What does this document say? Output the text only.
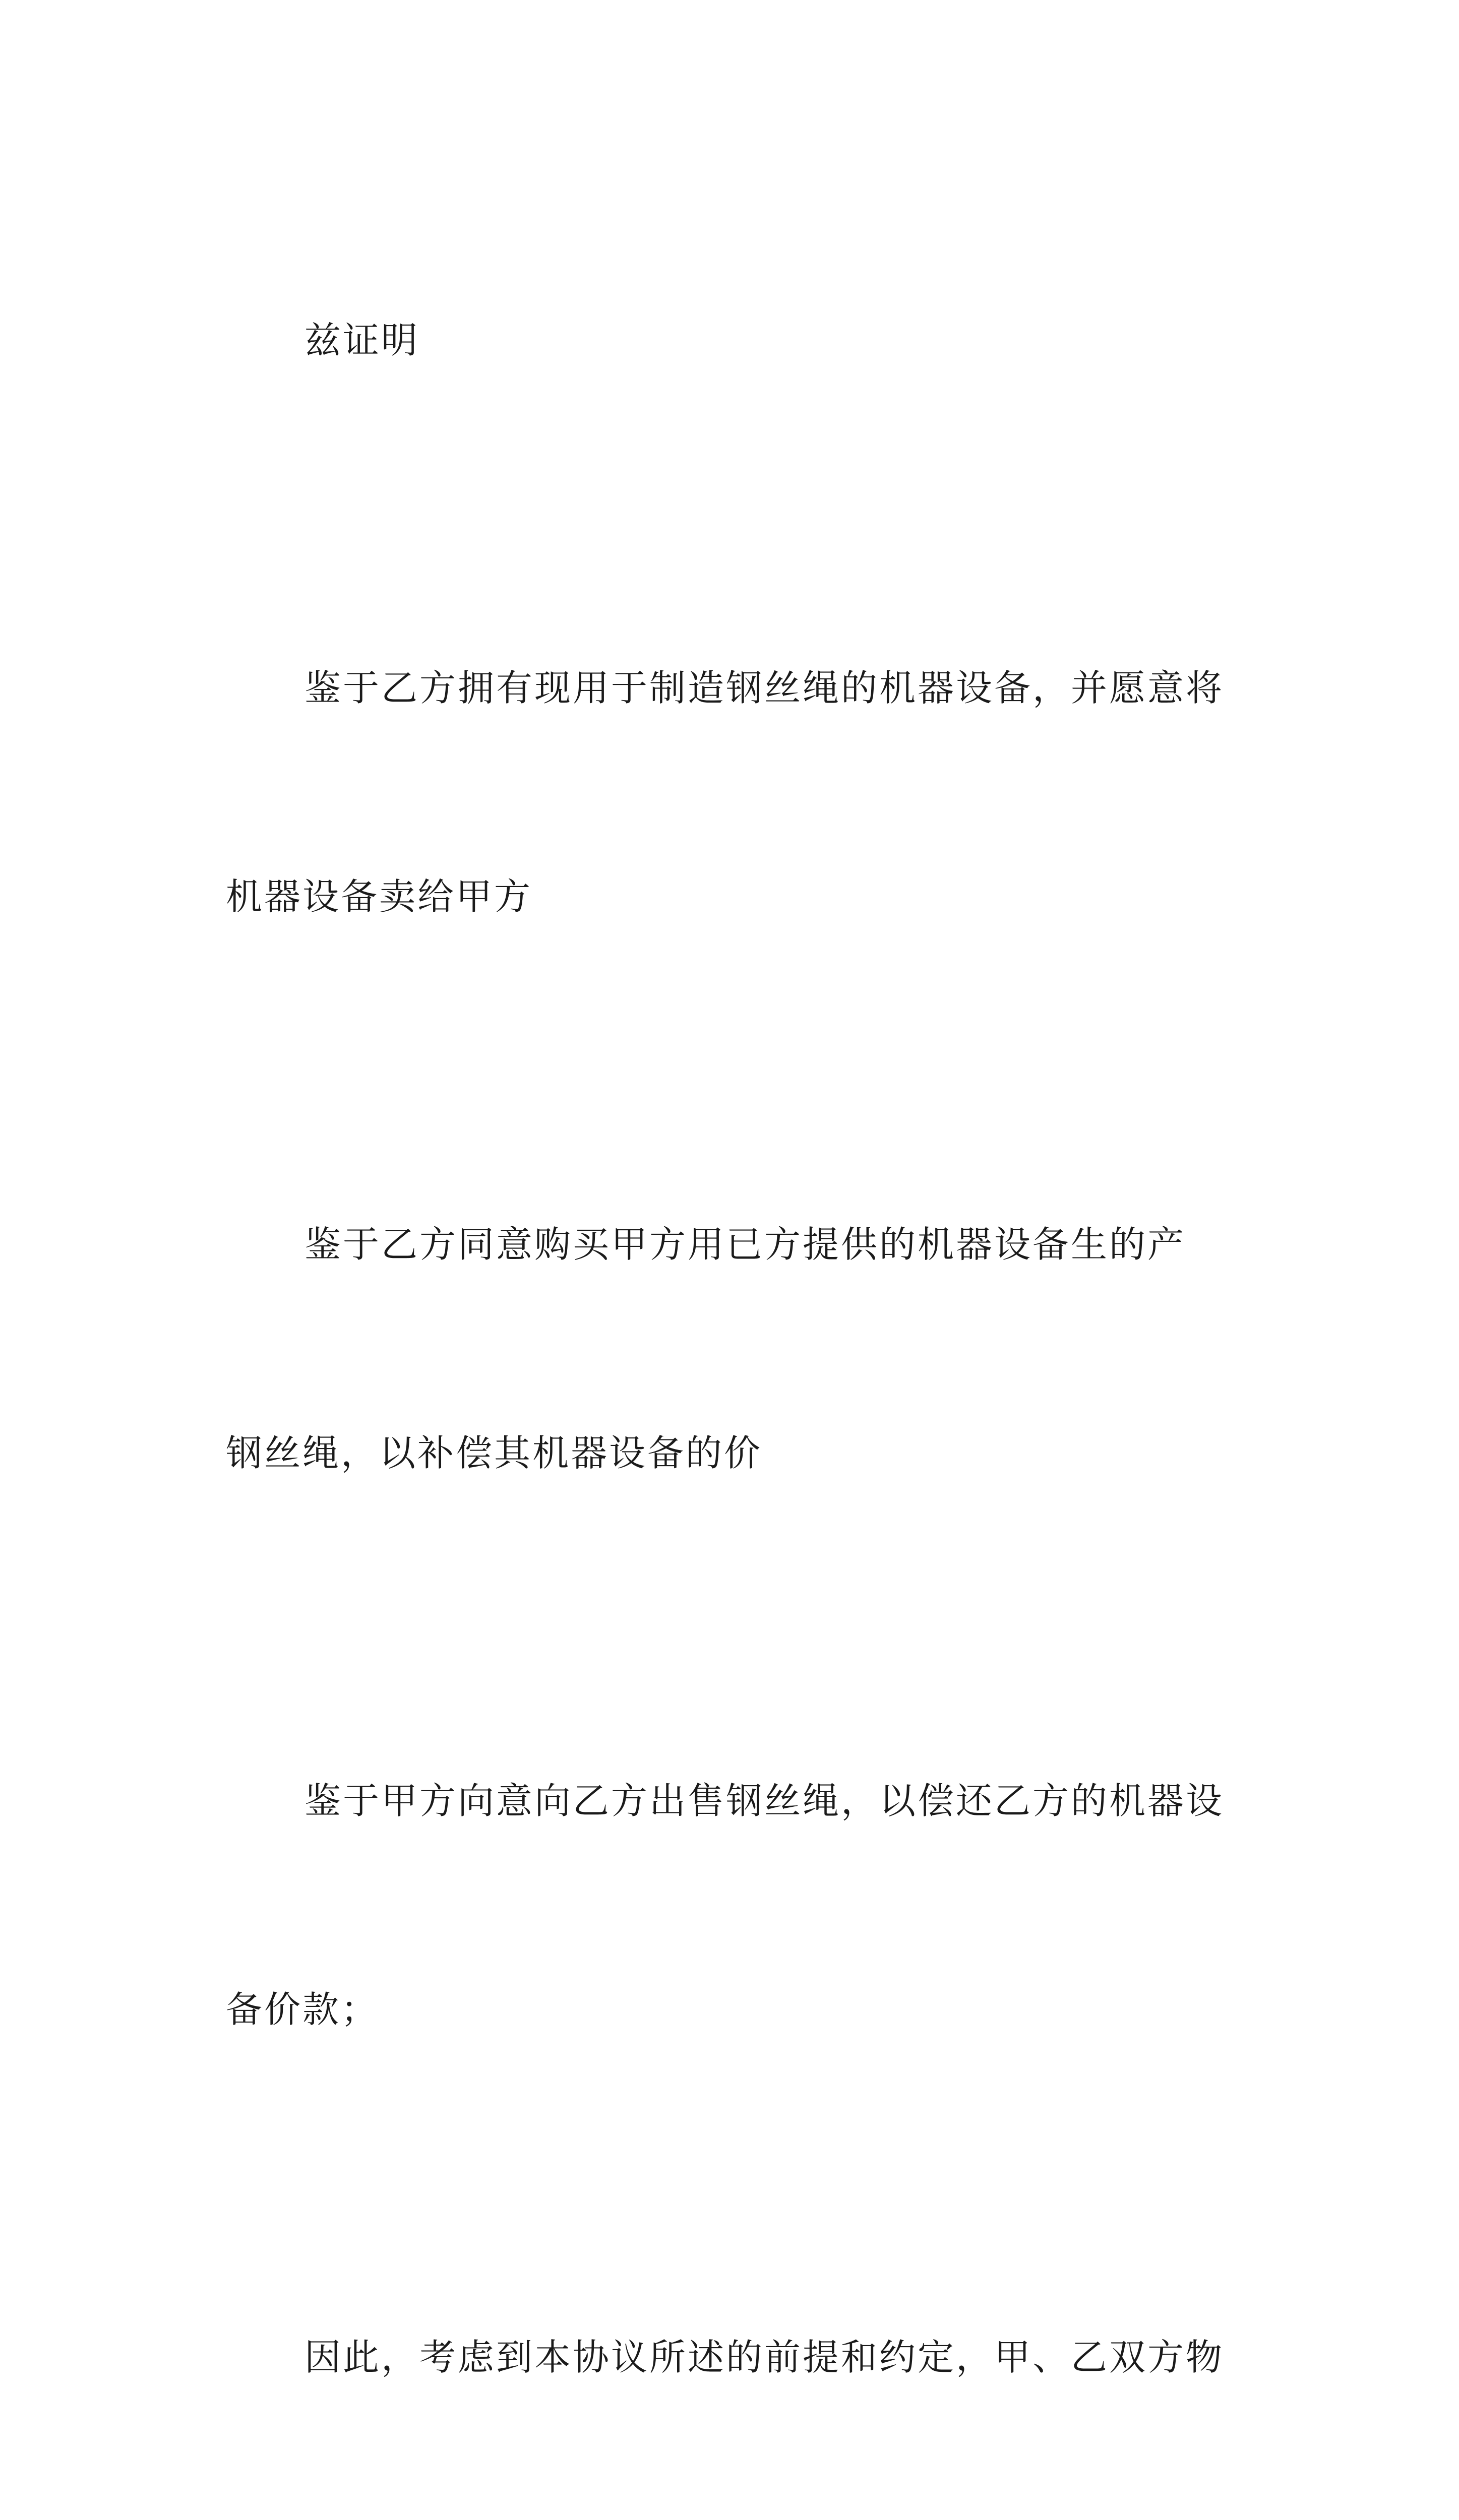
兹证明

鉴于乙方拥有现用于制造钢丝绳的机器设备，并愿意将

机器设备卖给甲方

鉴于乙方同意购买甲方用已方提供的机器设备生的产

钢丝绳，以补偿其机器设备的价

鉴于甲方向意向乙方出售钢丝绳，以偿还乙方的机器设

备价款；

因此，考虑到本协议所述的前提和约定，甲、乙双方物
